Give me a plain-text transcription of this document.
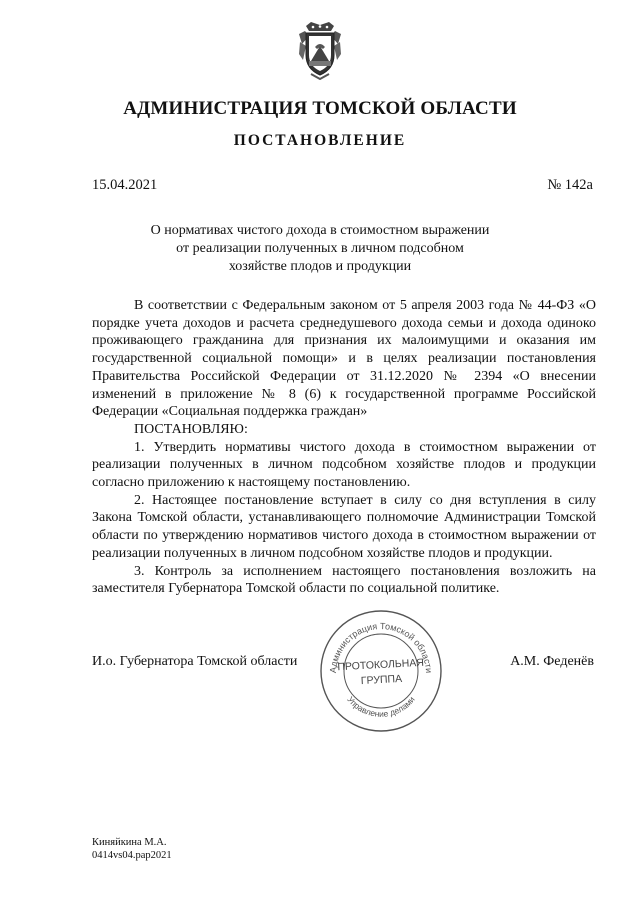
АДМИНИСТРАЦИЯ ТОМСКОЙ ОБЛАСТИ
ПОСТАНОВЛЕНИЕ
15.04.2021	№ 142а
О нормативах чистого дохода в стоимостном выражении
от реализации полученных в личном подсобном
хозяйстве плодов и продукции

В соответствии с Федеральным законом от 5 апреля 2003 года № 44-ФЗ «О порядке учета доходов и расчета среднедушевого дохода семьи и дохода одиноко проживающего гражданина для признания их малоимущими и оказания им государственной социальной помощи» и в целях реализации постановления Правительства Российской Федерации от 31.12.2020 № 2394 «О внесении изменений в приложение № 8 (6) к государственной программе Российской Федерации «Социальная поддержка граждан»

ПОСТАНОВЛЯЮ:

1. Утвердить нормативы чистого дохода в стоимостном выражении от реализации полученных в личном подсобном хозяйстве плодов и продукции согласно приложению к настоящему постановлению.

2. Настоящее постановление вступает в силу со дня вступления в силу Закона Томской области, устанавливающего полномочие Администрации Томской области по утверждению нормативов чистого дохода в стоимостном выражении от реализации полученных в личном подсобном хозяйстве плодов и продукции.

3. Контроль за исполнением настоящего постановления возложить на заместителя Губернатора Томской области по социальной политике.

И.о. Губернатора Томской области	А.М. Феденёв
Администрация Томской области
Управление делами
ПРОТОКОЛЬНАЯ
ГРУППА
Киняйкина М.А.
0414vs04.pap2021
